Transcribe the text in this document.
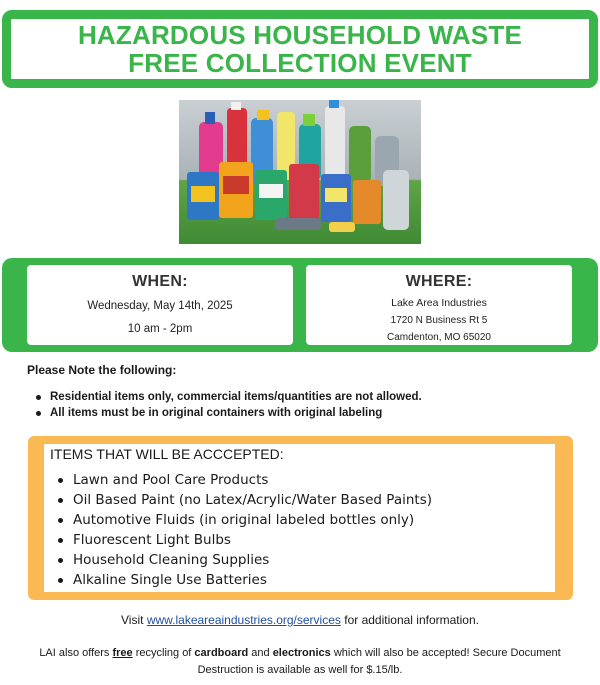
HAZARDOUS HOUSEHOLD WASTE
FREE COLLECTION EVENT
WHEN:
Wednesday, May 14th, 2025
10 am - 2pm
WHERE:
Lake Area Industries
1720 N Business Rt 5
Camdenton, MO 65020
Please Note the following:
Residential items only, commercial items/quantities are not allowed.
All items must be in original containers with original labeling
ITEMS THAT WILL BE ACCCEPTED:
Lawn and Pool Care Products
Oil Based Paint (no Latex/Acrylic/Water Based Paints)
Automotive Fluids (in original labeled bottles only)
Fluorescent Light Bulbs
Household Cleaning Supplies
Alkaline Single Use Batteries
Visit www.lakeareaindustries.org/services for additional information.
LAI also offers free recycling of cardboard and electronics which will also be accepted! Secure Document Destruction is available as well for $.15/lb.
